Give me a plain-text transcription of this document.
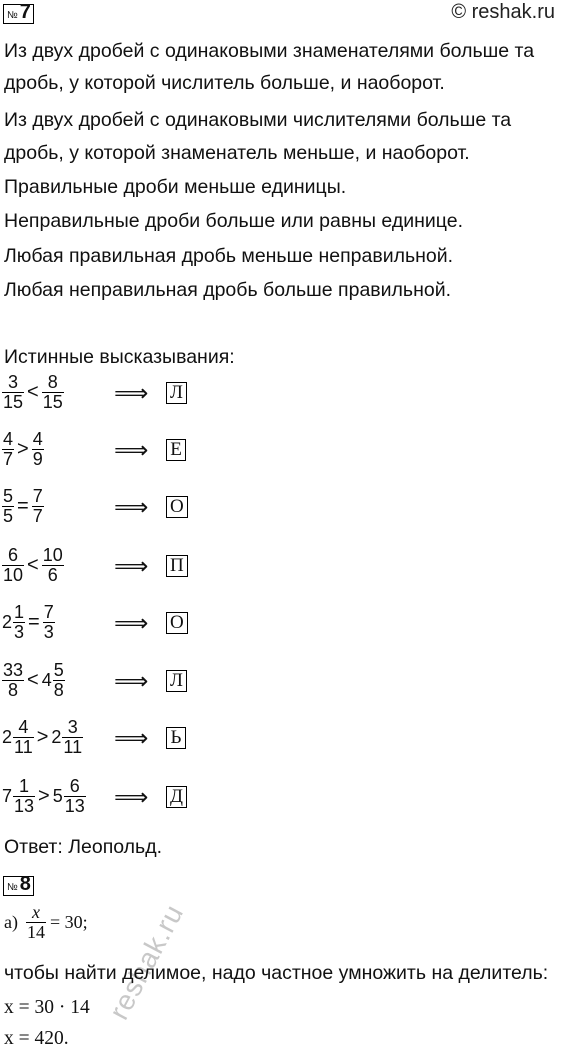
№ 7	© reshak.ru
Из двух дробей с одинаковыми знаменателями больше та
дробь, у которой числитель больше, и наоборот.
Из двух дробей с одинаковыми числителями больше та
дробь, у которой знаменатель меньше, и наоборот.
Правильные дроби меньше единицы.
Неправильные дроби больше или равны единице.
Любая правильная дробь меньше неправильной.
Любая неправильная дробь больше правильной.
Истинные высказывания:
$\frac{3}{15} < \frac{8}{15}$ ⟹	Л
$\frac{4}{7} > \frac{4}{9}$	⟹	Е
$\frac{5}{5} = \frac{7}{7}$	⟹	О
$\frac{6}{10} < \frac{10}{6}$ ⟹	П
$2 \frac{1}{3} = \frac{7}{3}$ ⟹	О
$\frac{33}{8} < 4 \frac{5}{8}$ ⟹	Л
$2 \frac{4}{11} > 2 \frac{3}{11}$ ⟹	Ь
$7 \frac{1}{13} > 5 \frac{6}{13}$ ⟹	Д
Ответ: Леопольд.
№ 8
reshak.ru
$а) \frac{x}{14} = 30$;
чтобы найти делимое, надо частное умножить на делитель:
x = 30 · 14
x = 420.
